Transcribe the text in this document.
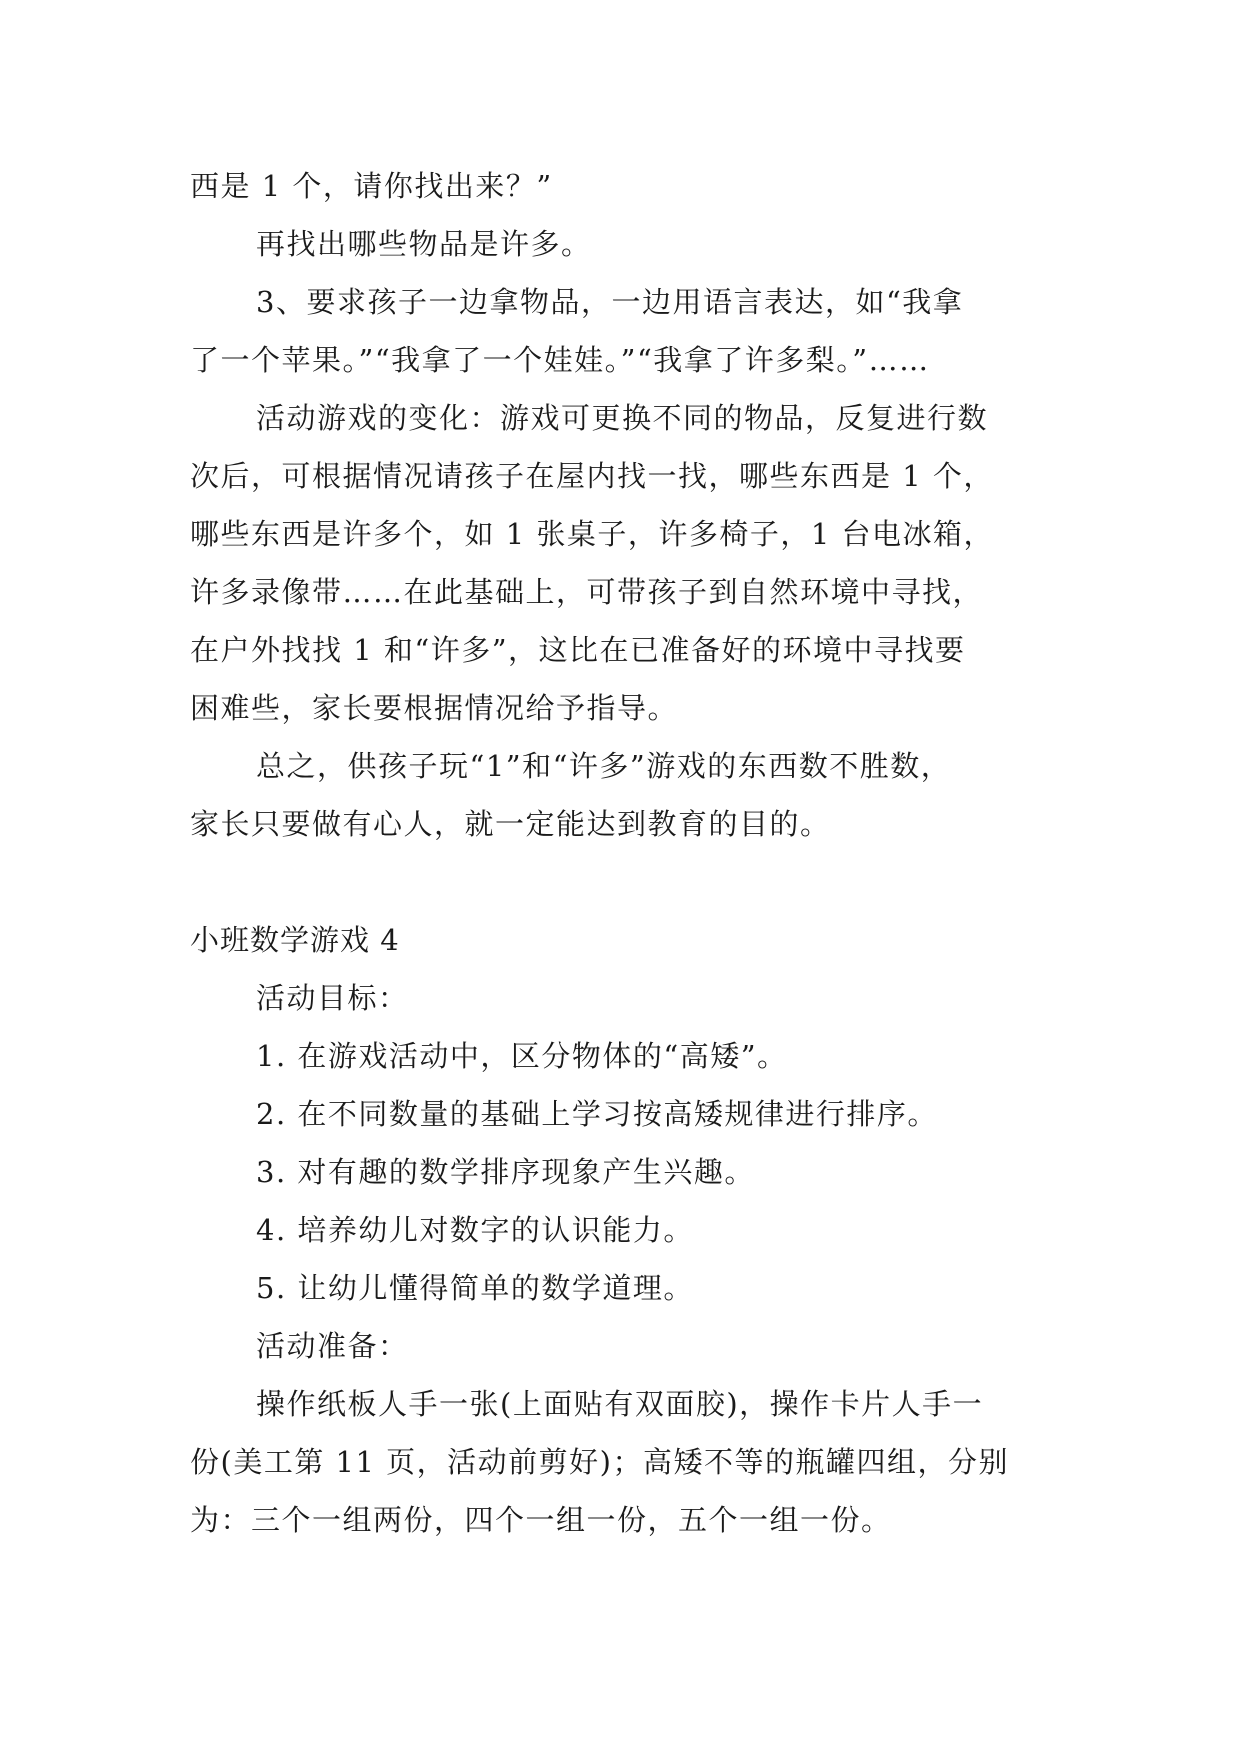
西是 1 个，请你找出来？”

再找出哪些物品是许多。

3、要求孩子一边拿物品，一边用语言表达，如“我拿

了一个苹果。”“我拿了一个娃娃。”“我拿了许多梨。”……

活动游戏的变化：游戏可更换不同的物品，反复进行数

次后，可根据情况请孩子在屋内找一找，哪些东西是 1 个，

哪些东西是许多个，如 1 张桌子，许多椅子，1 台电冰箱，

许多录像带……在此基础上，可带孩子到自然环境中寻找，

在户外找找 1 和“许多”，这比在已准备好的环境中寻找要

困难些，家长要根据情况给予指导。

总之，供孩子玩“1”和“许多”游戏的东西数不胜数，

家长只要做有心人，就一定能达到教育的目的。

小班数学游戏 4

活动目标：

1. 在游戏活动中，区分物体的“高矮”。

2. 在不同数量的基础上学习按高矮规律进行排序。

3. 对有趣的数学排序现象产生兴趣。

4. 培养幼儿对数字的认识能力。

5. 让幼儿懂得简单的数学道理。

活动准备：

操作纸板人手一张(上面贴有双面胶)，操作卡片人手一

份(美工第 11 页，活动前剪好)；高矮不等的瓶罐四组，分别

为：三个一组两份，四个一组一份，五个一组一份。
